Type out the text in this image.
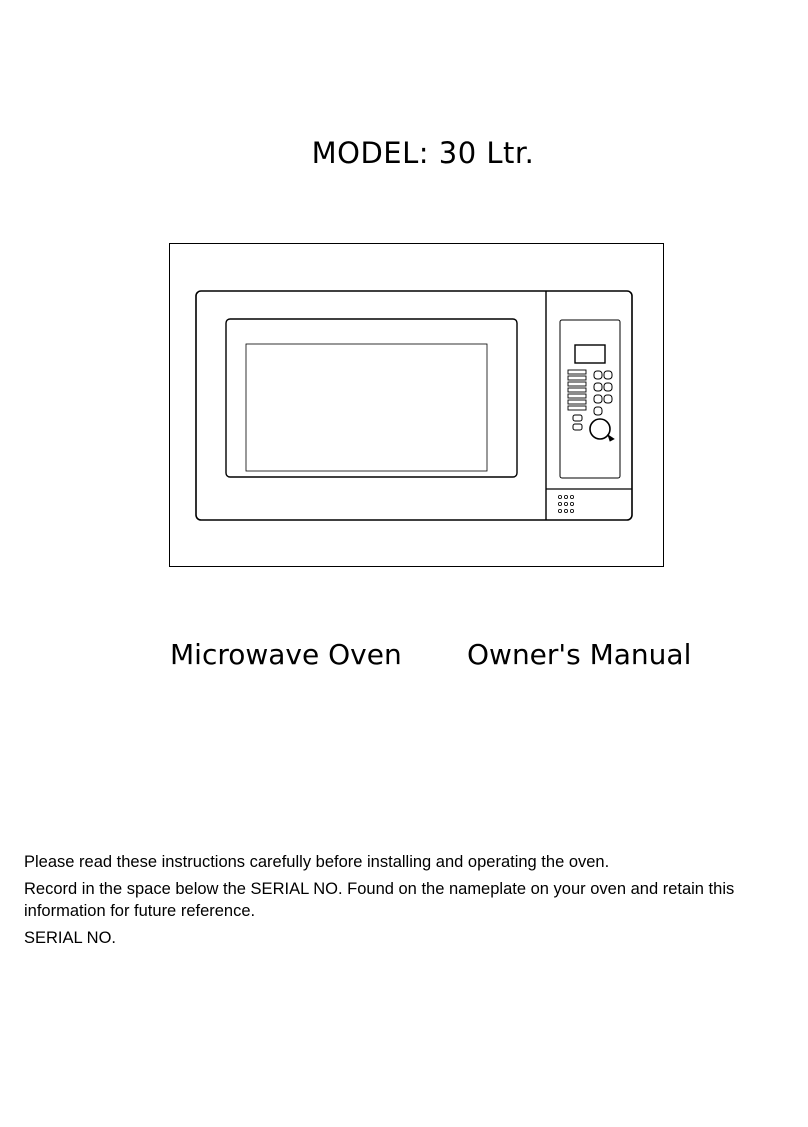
MODEL: 30 Ltr.
Microwave Oven Owner's Manual

Please read these instructions carefully before installing and operating the oven.

Record in the space below the SERIAL NO. Found on the nameplate on your oven and retain this information for future reference.

SERIAL NO.
